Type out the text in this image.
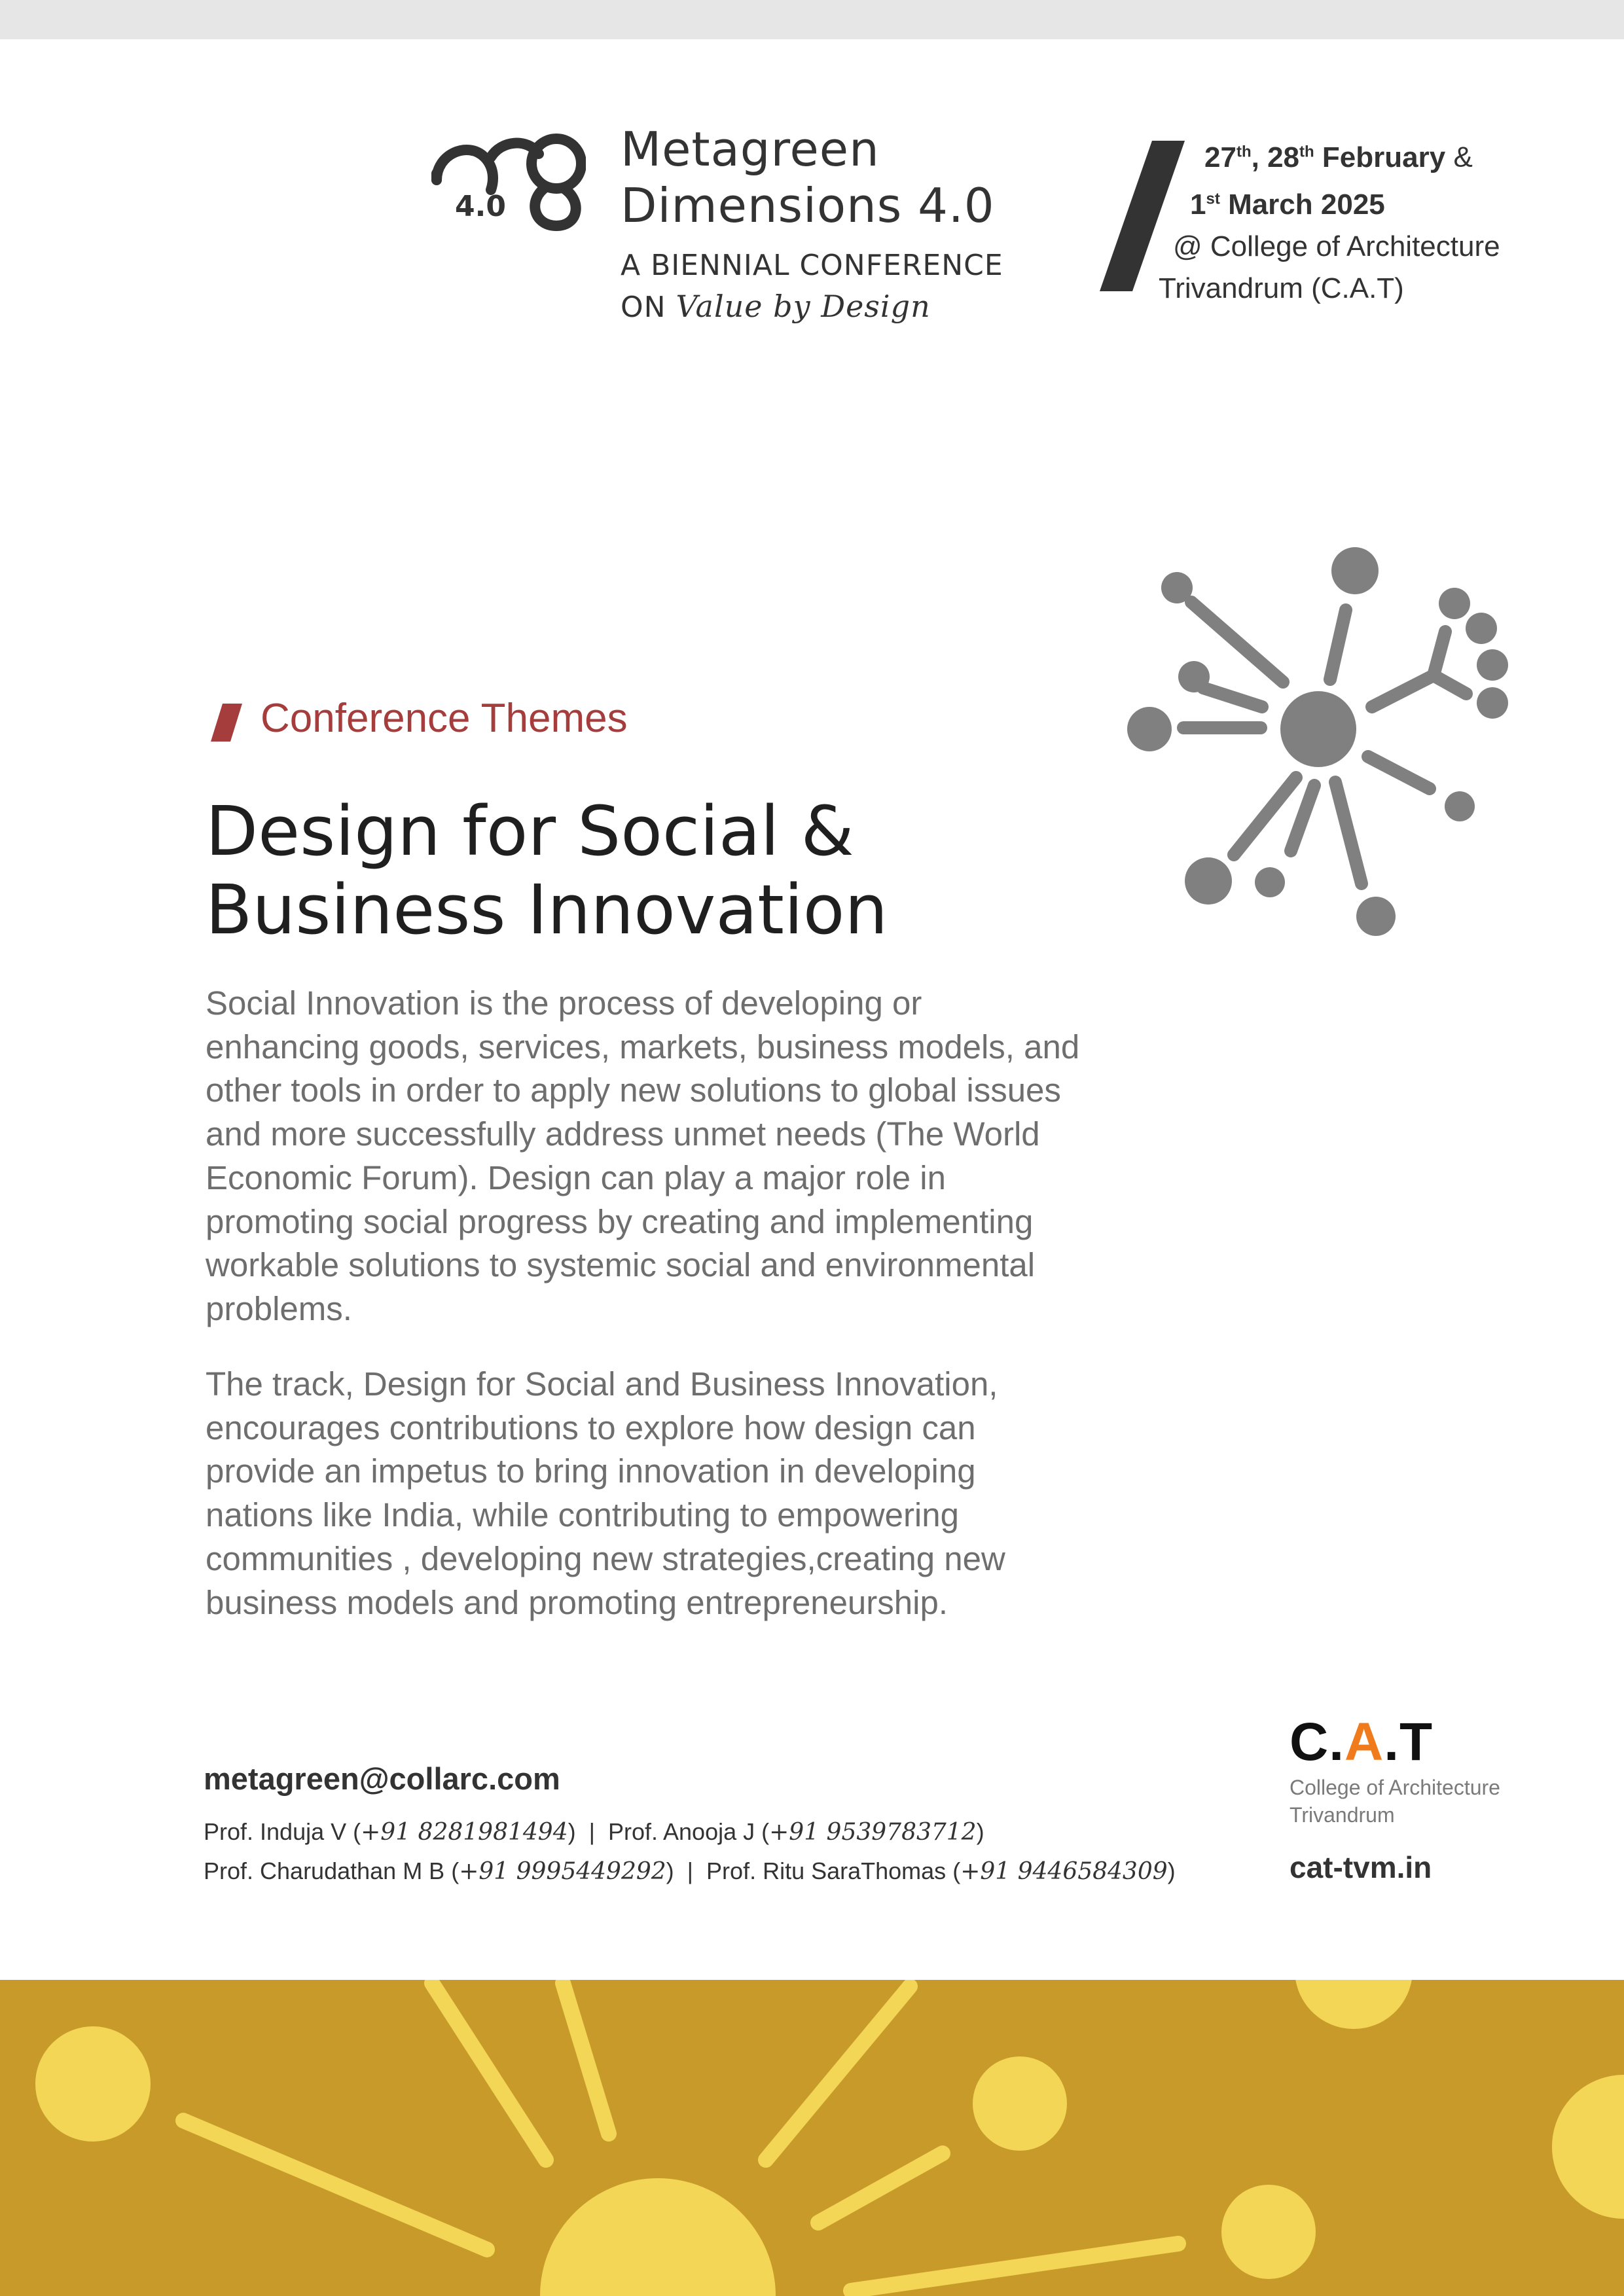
4.0
Metagreen
Dimensions 4.0
A BIENNIAL CONFERENCE
ON Value by Design
27th, 28th February &
1st March 2025
@ College of Architecture
Trivandrum (C.A.T)
Conference Themes
Design for Social &
Business Innovation

Social Innovation is the process of developing or enhancing goods, services, markets, business models, and other tools in order to apply new solutions to global issues and more successfully address unmet needs (The World Economic Forum). Design can play a major role in promoting social progress by creating and implementing workable solutions to systemic social and environmental problems.

The track, Design for Social and Business Innovation, encourages contributions to explore how design can provide an impetus to bring innovation in developing nations like India, while contributing to empowering communities , developing new strategies,creating new business models and promoting entrepreneurship.

metagreen@collarc.com
Prof. Induja V (+91 8281981494)  | Prof. Anooja J (+91 9539783712)
Prof. Charudathan M B (+91 9995449292)  | Prof. Ritu SaraThomas (+91 9446584309)
C.A.T
College of Architecture
Trivandrum
cat-tvm.in
